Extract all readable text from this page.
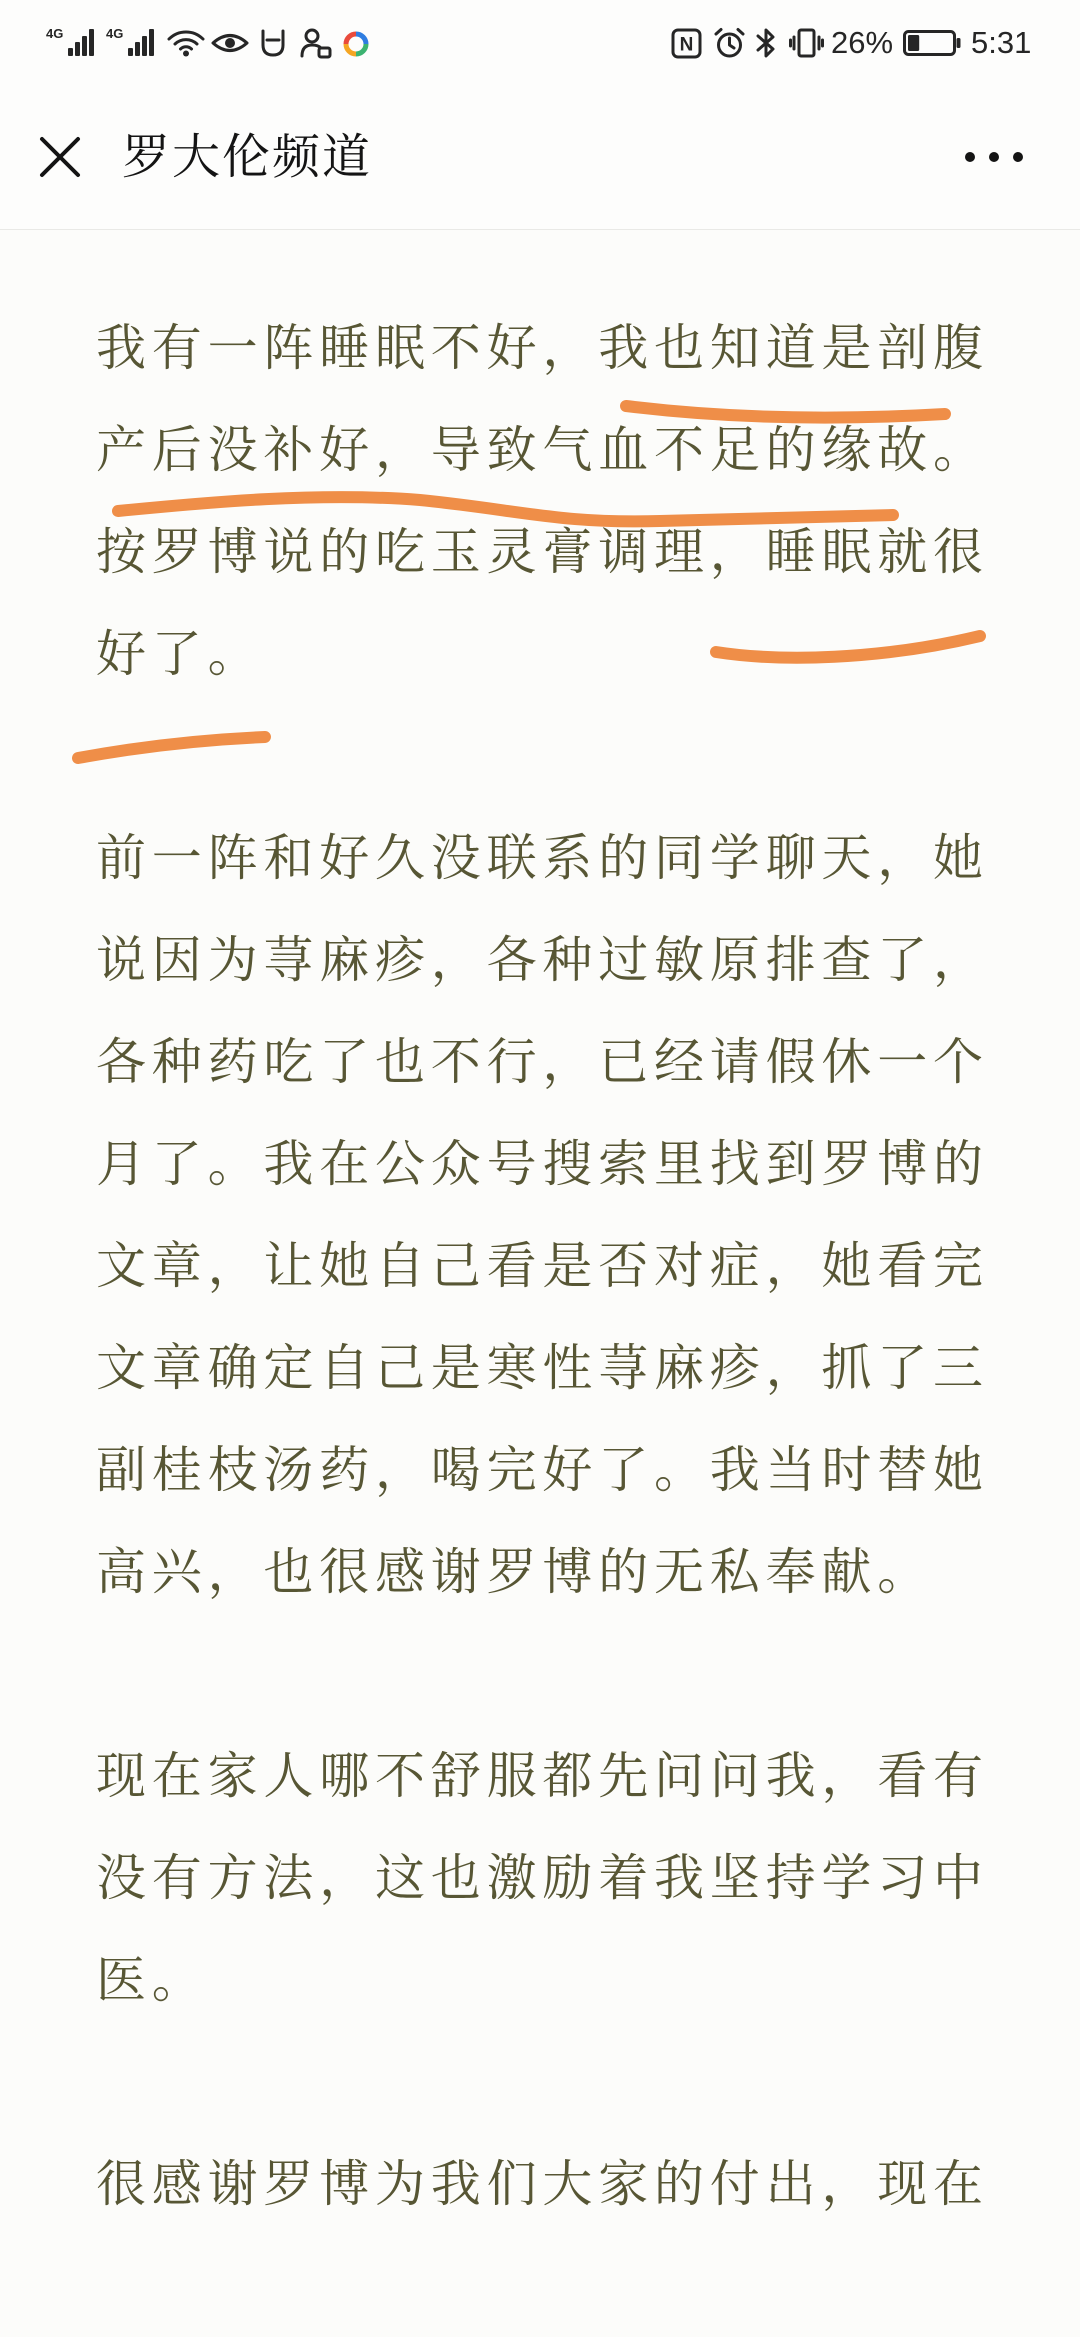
4G	4G
N	26%	5:31
罗大伦频道
我有一阵睡眠不好，我也知道是剖腹
产后没补好，导致气血不足的缘故。
按罗博说的吃玉灵膏调理，睡眠就很
好了。
前一阵和好久没联系的同学聊天，她
说因为荨麻疹，各种过敏原排查了，
各种药吃了也不行，已经请假休一个
月了。我在公众号搜索里找到罗博的
文章，让她自己看是否对症，她看完
文章确定自己是寒性荨麻疹，抓了三
副桂枝汤药，喝完好了。我当时替她
高兴，也很感谢罗博的无私奉献。
现在家人哪不舒服都先问问我，看有
没有方法，这也激励着我坚持学习中
医。
很感谢罗博为我们大家的付出，现在
